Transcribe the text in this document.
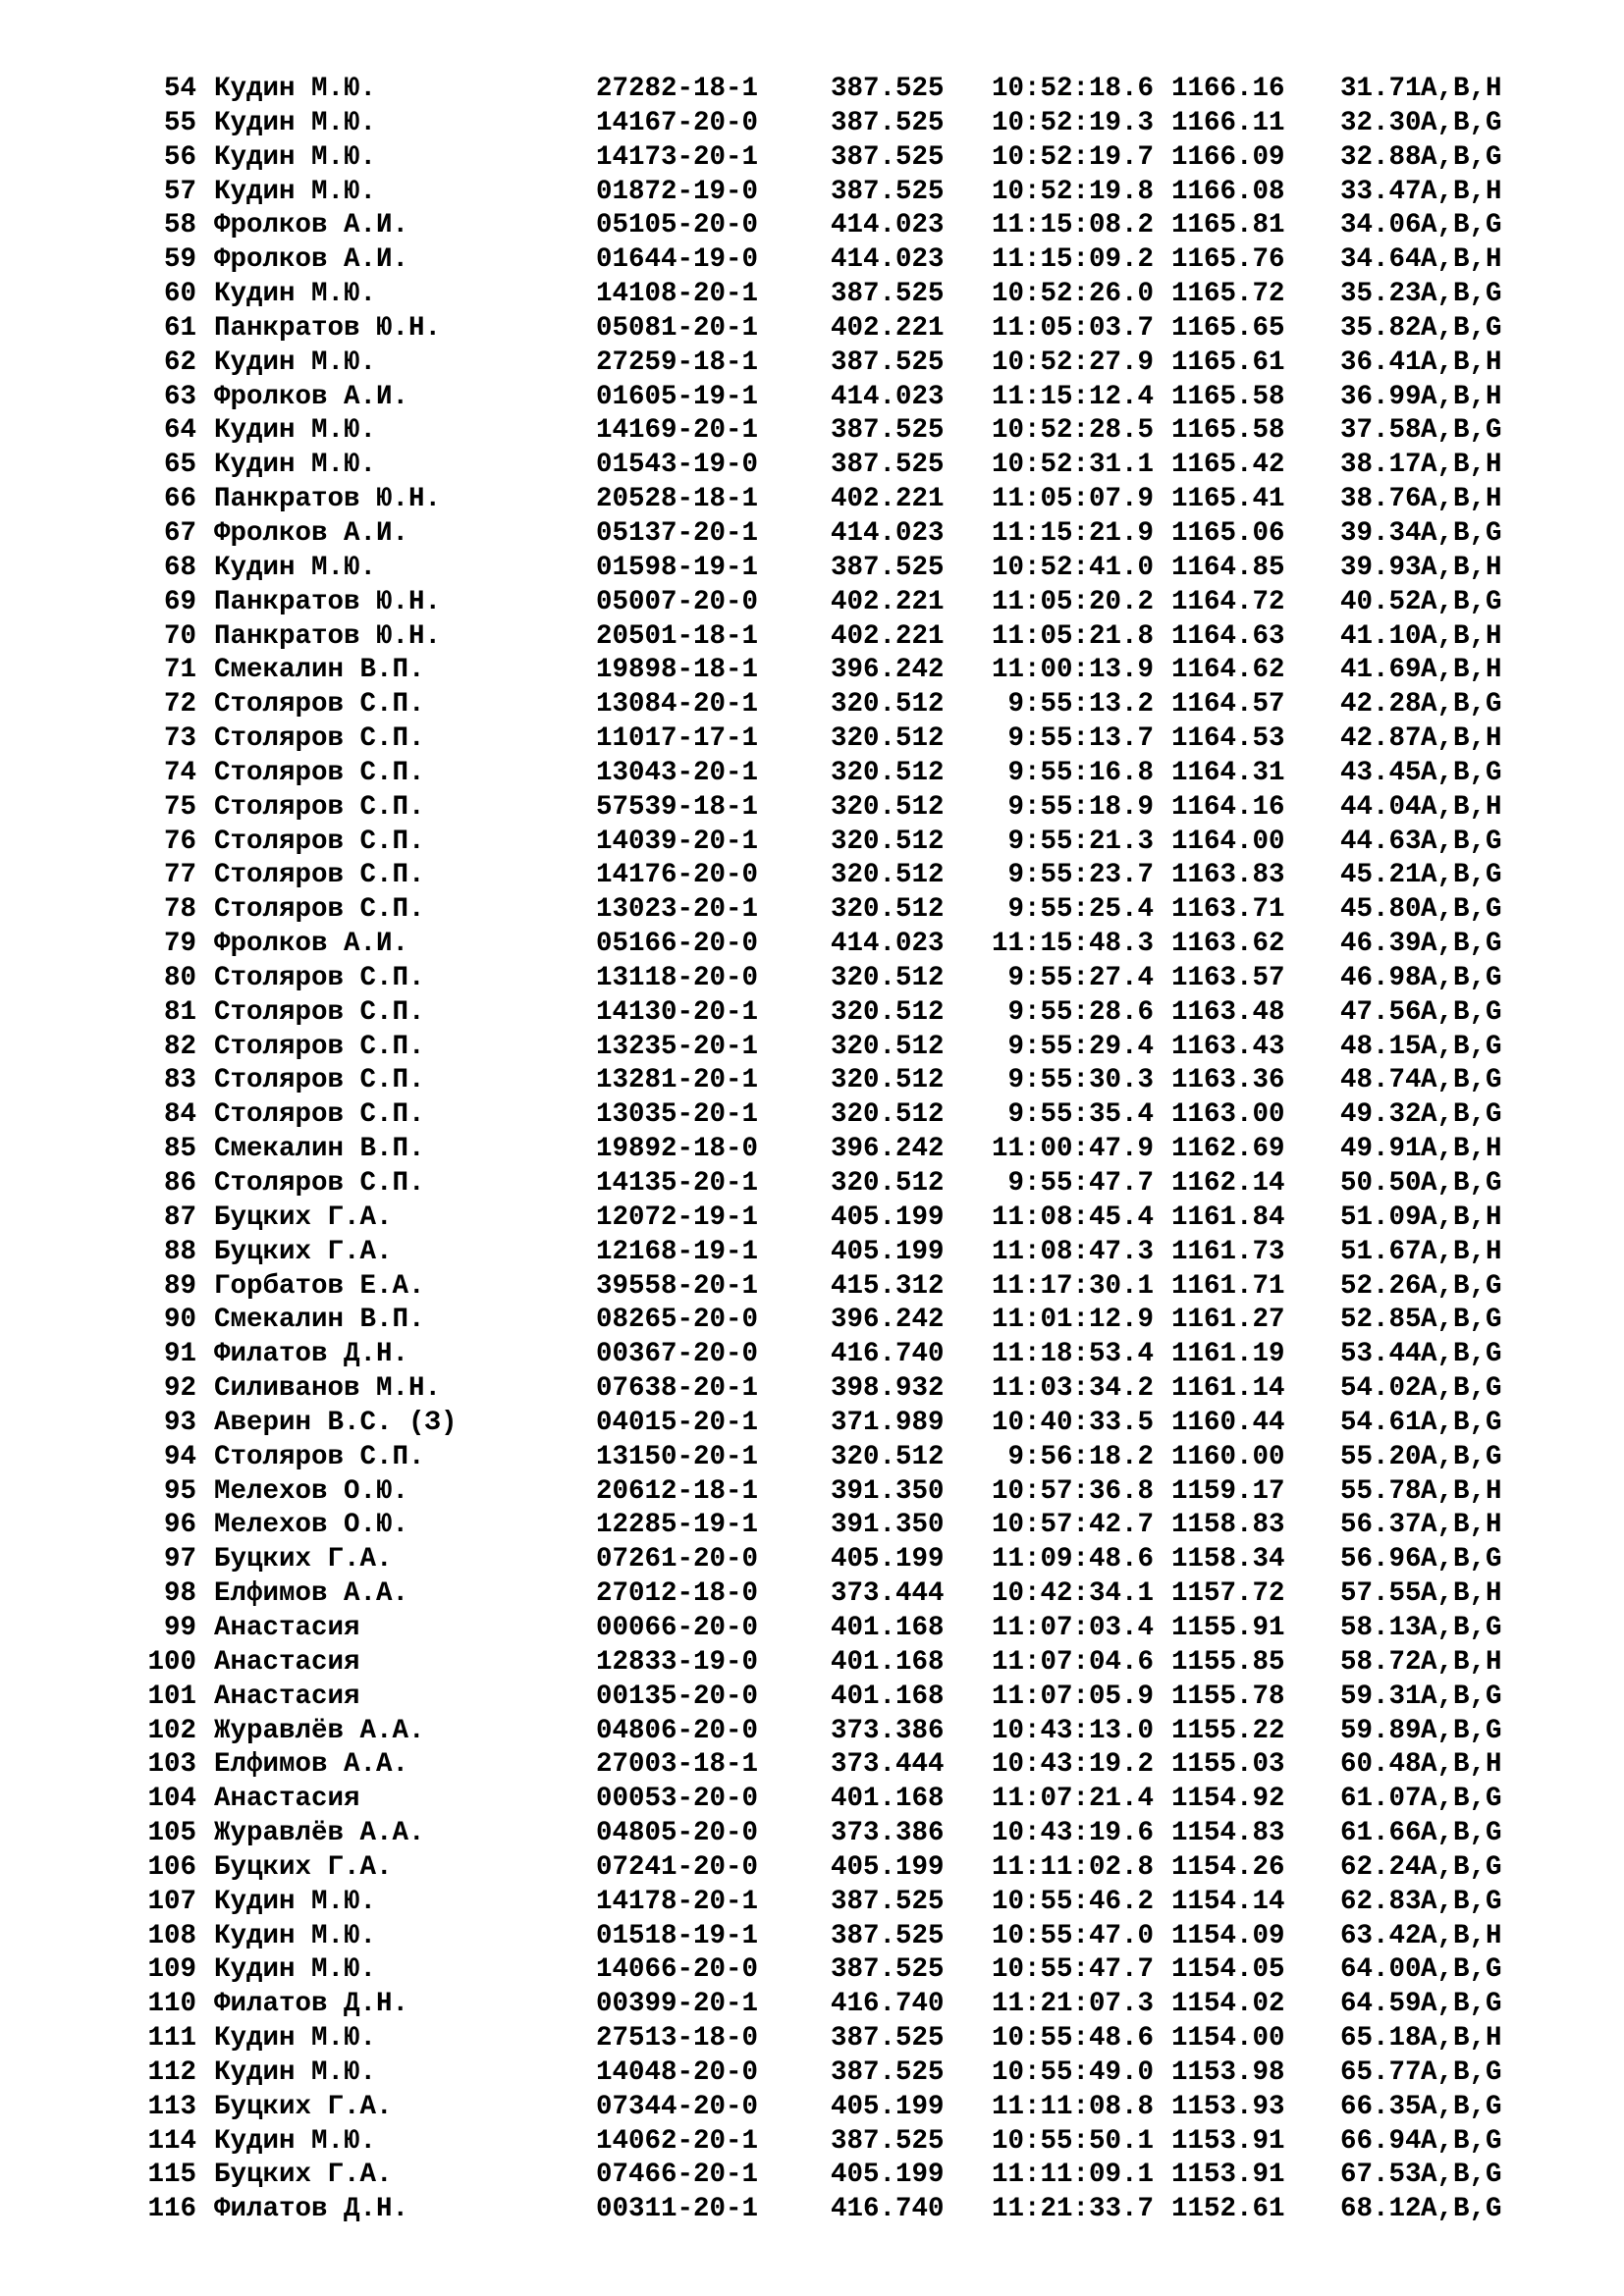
54 Кудин М.Ю.	27282-18-1	387.525	10:52:18.6 1166.16 31.71 A,B,H
55 Кудин М.Ю.	14167-20-0	387.525	10:52:19.3 1166.11 32.30 A,B,G
56 Кудин М.Ю.	14173-20-1	387.525	10:52:19.7 1166.09 32.88 A,B,G
57 Кудин М.Ю.	01872-19-0	387.525	10:52:19.8 1166.08 33.47 A,B,H
58 Фролков А.И.	05105-20-0	414.023	11:15:08.2 1165.81 34.06 A,B,G
59 Фролков А.И.	01644-19-0	414.023	11:15:09.2 1165.76 34.64 A,B,H
60 Кудин М.Ю.	14108-20-1	387.525	10:52:26.0 1165.72 35.23 A,B,G
61 Панкратов Ю.Н.	05081-20-1	402.221	11:05:03.7 1165.65 35.82 A,B,G
62 Кудин М.Ю.	27259-18-1	387.525	10:52:27.9 1165.61 36.41 A,B,H
63 Фролков А.И.	01605-19-1	414.023	11:15:12.4 1165.58 36.99 A,B,H
64 Кудин М.Ю.	14169-20-1	387.525	10:52:28.5 1165.58 37.58 A,B,G
65 Кудин М.Ю.	01543-19-0	387.525	10:52:31.1 1165.42 38.17 A,B,H
66 Панкратов Ю.Н.	20528-18-1	402.221	11:05:07.9 1165.41 38.76 A,B,H
67 Фролков А.И.	05137-20-1	414.023	11:15:21.9 1165.06 39.34 A,B,G
68 Кудин М.Ю.	01598-19-1	387.525	10:52:41.0 1164.85 39.93 A,B,H
69 Панкратов Ю.Н.	05007-20-0	402.221	11:05:20.2 1164.72 40.52 A,B,G
70 Панкратов Ю.Н.	20501-18-1	402.221	11:05:21.8 1164.63 41.10 A,B,H
71 Смекалин В.П.	19898-18-1	396.242	11:00:13.9 1164.62 41.69 A,B,H
72 Столяров С.П.	13084-20-1	320.512	9:55:13.2 1164.57 42.28 A,B,G
73 Столяров С.П.	11017-17-1	320.512	9:55:13.7 1164.53 42.87 A,B,H
74 Столяров С.П.	13043-20-1	320.512	9:55:16.8 1164.31 43.45 A,B,G
75 Столяров С.П.	57539-18-1	320.512	9:55:18.9 1164.16 44.04 A,B,H
76 Столяров С.П.	14039-20-1	320.512	9:55:21.3 1164.00 44.63 A,B,G
77 Столяров С.П.	14176-20-0	320.512	9:55:23.7 1163.83 45.21 A,B,G
78 Столяров С.П.	13023-20-1	320.512	9:55:25.4 1163.71 45.80 A,B,G
79 Фролков А.И.	05166-20-0	414.023	11:15:48.3 1163.62 46.39 A,B,G
80 Столяров С.П.	13118-20-0	320.512	9:55:27.4 1163.57 46.98 A,B,G
81 Столяров С.П.	14130-20-1	320.512	9:55:28.6 1163.48 47.56 A,B,G
82 Столяров С.П.	13235-20-1	320.512	9:55:29.4 1163.43 48.15 A,B,G
83 Столяров С.П.	13281-20-1	320.512	9:55:30.3 1163.36 48.74 A,B,G
84 Столяров С.П.	13035-20-1	320.512	9:55:35.4 1163.00 49.32 A,B,G
85 Смекалин В.П.	19892-18-0	396.242	11:00:47.9 1162.69 49.91 A,B,H
86 Столяров С.П.	14135-20-1	320.512	9:55:47.7 1162.14 50.50 A,B,G
87 Буцких Г.А.	12072-19-1	405.199	11:08:45.4 1161.84 51.09 A,B,H
88 Буцких Г.А.	12168-19-1	405.199	11:08:47.3 1161.73 51.67 A,B,H
89 Горбатов Е.А.	39558-20-1	415.312	11:17:30.1 1161.71 52.26 A,B,G
90 Смекалин В.П.	08265-20-0	396.242	11:01:12.9 1161.27 52.85 A,B,G
91 Филатов Д.Н.	00367-20-0	416.740	11:18:53.4 1161.19 53.44 A,B,G
92 Силиванов М.Н.	07638-20-1	398.932	11:03:34.2 1161.14 54.02 A,B,G
93 Аверин В.С. (З)	04015-20-1	371.989	10:40:33.5 1160.44 54.61 A,B,G
94 Столяров С.П.	13150-20-1	320.512	9:56:18.2 1160.00 55.20 A,B,G
95 Мелехов О.Ю.	20612-18-1	391.350	10:57:36.8 1159.17 55.78 A,B,H
96 Мелехов О.Ю.	12285-19-1	391.350	10:57:42.7 1158.83 56.37 A,B,H
97 Буцких Г.А.	07261-20-0	405.199	11:09:48.6 1158.34 56.96 A,B,G
98 Елфимов А.А.	27012-18-0	373.444	10:42:34.1 1157.72 57.55 A,B,H
99 Анастасия	00066-20-0	401.168	11:07:03.4 1155.91 58.13 A,B,G
100 Анастасия	12833-19-0	401.168	11:07:04.6 1155.85 58.72 A,B,H
101 Анастасия	00135-20-0	401.168	11:07:05.9 1155.78 59.31 A,B,G
102 Журавлёв А.А.	04806-20-0	373.386	10:43:13.0 1155.22 59.89 A,B,G
103 Елфимов А.А.	27003-18-1	373.444	10:43:19.2 1155.03 60.48 A,B,H
104 Анастасия	00053-20-0	401.168	11:07:21.4 1154.92 61.07 A,B,G
105 Журавлёв А.А.	04805-20-0	373.386	10:43:19.6 1154.83 61.66 A,B,G
106 Буцких Г.А.	07241-20-0	405.199	11:11:02.8 1154.26 62.24 A,B,G
107 Кудин М.Ю.	14178-20-1	387.525	10:55:46.2 1154.14 62.83 A,B,G
108 Кудин М.Ю.	01518-19-1	387.525	10:55:47.0 1154.09 63.42 A,B,H
109 Кудин М.Ю.	14066-20-0	387.525	10:55:47.7 1154.05 64.00 A,B,G
110 Филатов Д.Н.	00399-20-1	416.740	11:21:07.3 1154.02 64.59 A,B,G
111 Кудин М.Ю.	27513-18-0	387.525	10:55:48.6 1154.00 65.18 A,B,H
112 Кудин М.Ю.	14048-20-0	387.525	10:55:49.0 1153.98 65.77 A,B,G
113 Буцких Г.А.	07344-20-0	405.199	11:11:08.8 1153.93 66.35 A,B,G
114 Кудин М.Ю.	14062-20-1	387.525	10:55:50.1 1153.91 66.94 A,B,G
115 Буцких Г.А.	07466-20-1	405.199	11:11:09.1 1153.91 67.53 A,B,G
116 Филатов Д.Н.	00311-20-1	416.740	11:21:33.7 1152.61 68.12 A,B,G
